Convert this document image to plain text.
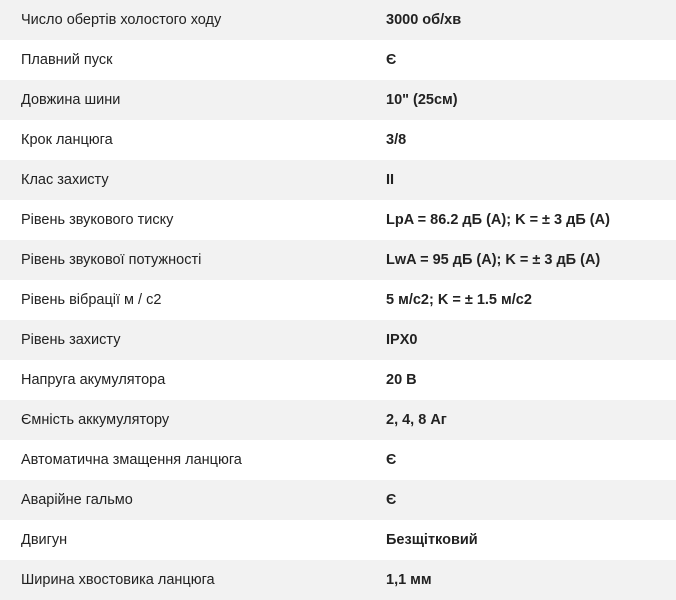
Число обертів холостого ходу	3000 об/хв
Плавний пуск	Є
Довжина шини	10" (25см)
Крок ланцюга	3/8
Клас захисту	II
Рівень звукового тиску	LpA = 86.2 дБ (A); K = ± 3 дБ (A)
Рівень звукової потужності	LwA = 95 дБ (A); K = ± 3 дБ (A)
Рівень вібрації м / с2	5 м/с2; K = ± 1.5 м/с2
Рівень захисту	IPX0
Напруга акумулятора	20 В
Ємність аккумулятору	2, 4, 8 Аг
Автоматична змащення ланцюга	Є
Аварійне гальмо	Є
Двигун	Безщітковий
Ширина хвостовика ланцюга	1,1 мм
